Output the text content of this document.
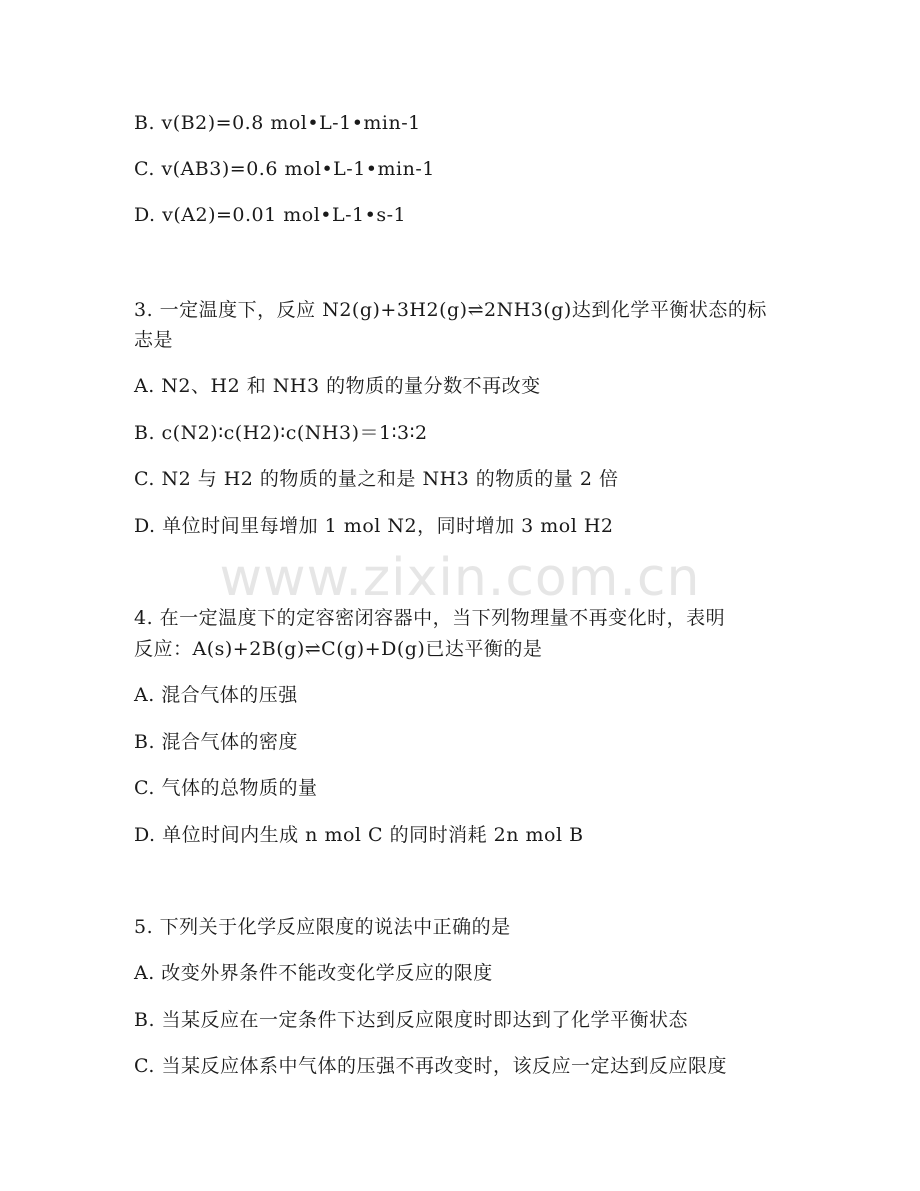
www.zixin.com.cn
B. v(B2)=0.8 mol•L-1•min-1
C. v(AB3)=0.6 mol•L-1•min-1
D. v(A2)=0.01 mol•L-1•s-1
3. 一定温度下，反应 N2(g)+3H2(g)⇌2NH3(g)达到化学平衡状态的标
志是
A. N2、H2 和 NH3 的物质的量分数不再改变
B. c(N2)∶c(H2)∶c(NH3)＝1∶3∶2
C. N2 与 H2 的物质的量之和是 NH3 的物质的量 2 倍
D. 单位时间里每增加 1 mol N2，同时增加 3 mol H2
4. 在一定温度下的定容密闭容器中，当下列物理量不再变化时，表明
反应：A(s)+2B(g)⇌C(g)+D(g)已达平衡的是
A. 混合气体的压强
B. 混合气体的密度
C. 气体的总物质的量
D. 单位时间内生成 n mol C 的同时消耗 2n mol B
5. 下列关于化学反应限度的说法中正确的是
A. 改变外界条件不能改变化学反应的限度
B. 当某反应在一定条件下达到反应限度时即达到了化学平衡状态
C. 当某反应体系中气体的压强不再改变时，该反应一定达到反应限度
